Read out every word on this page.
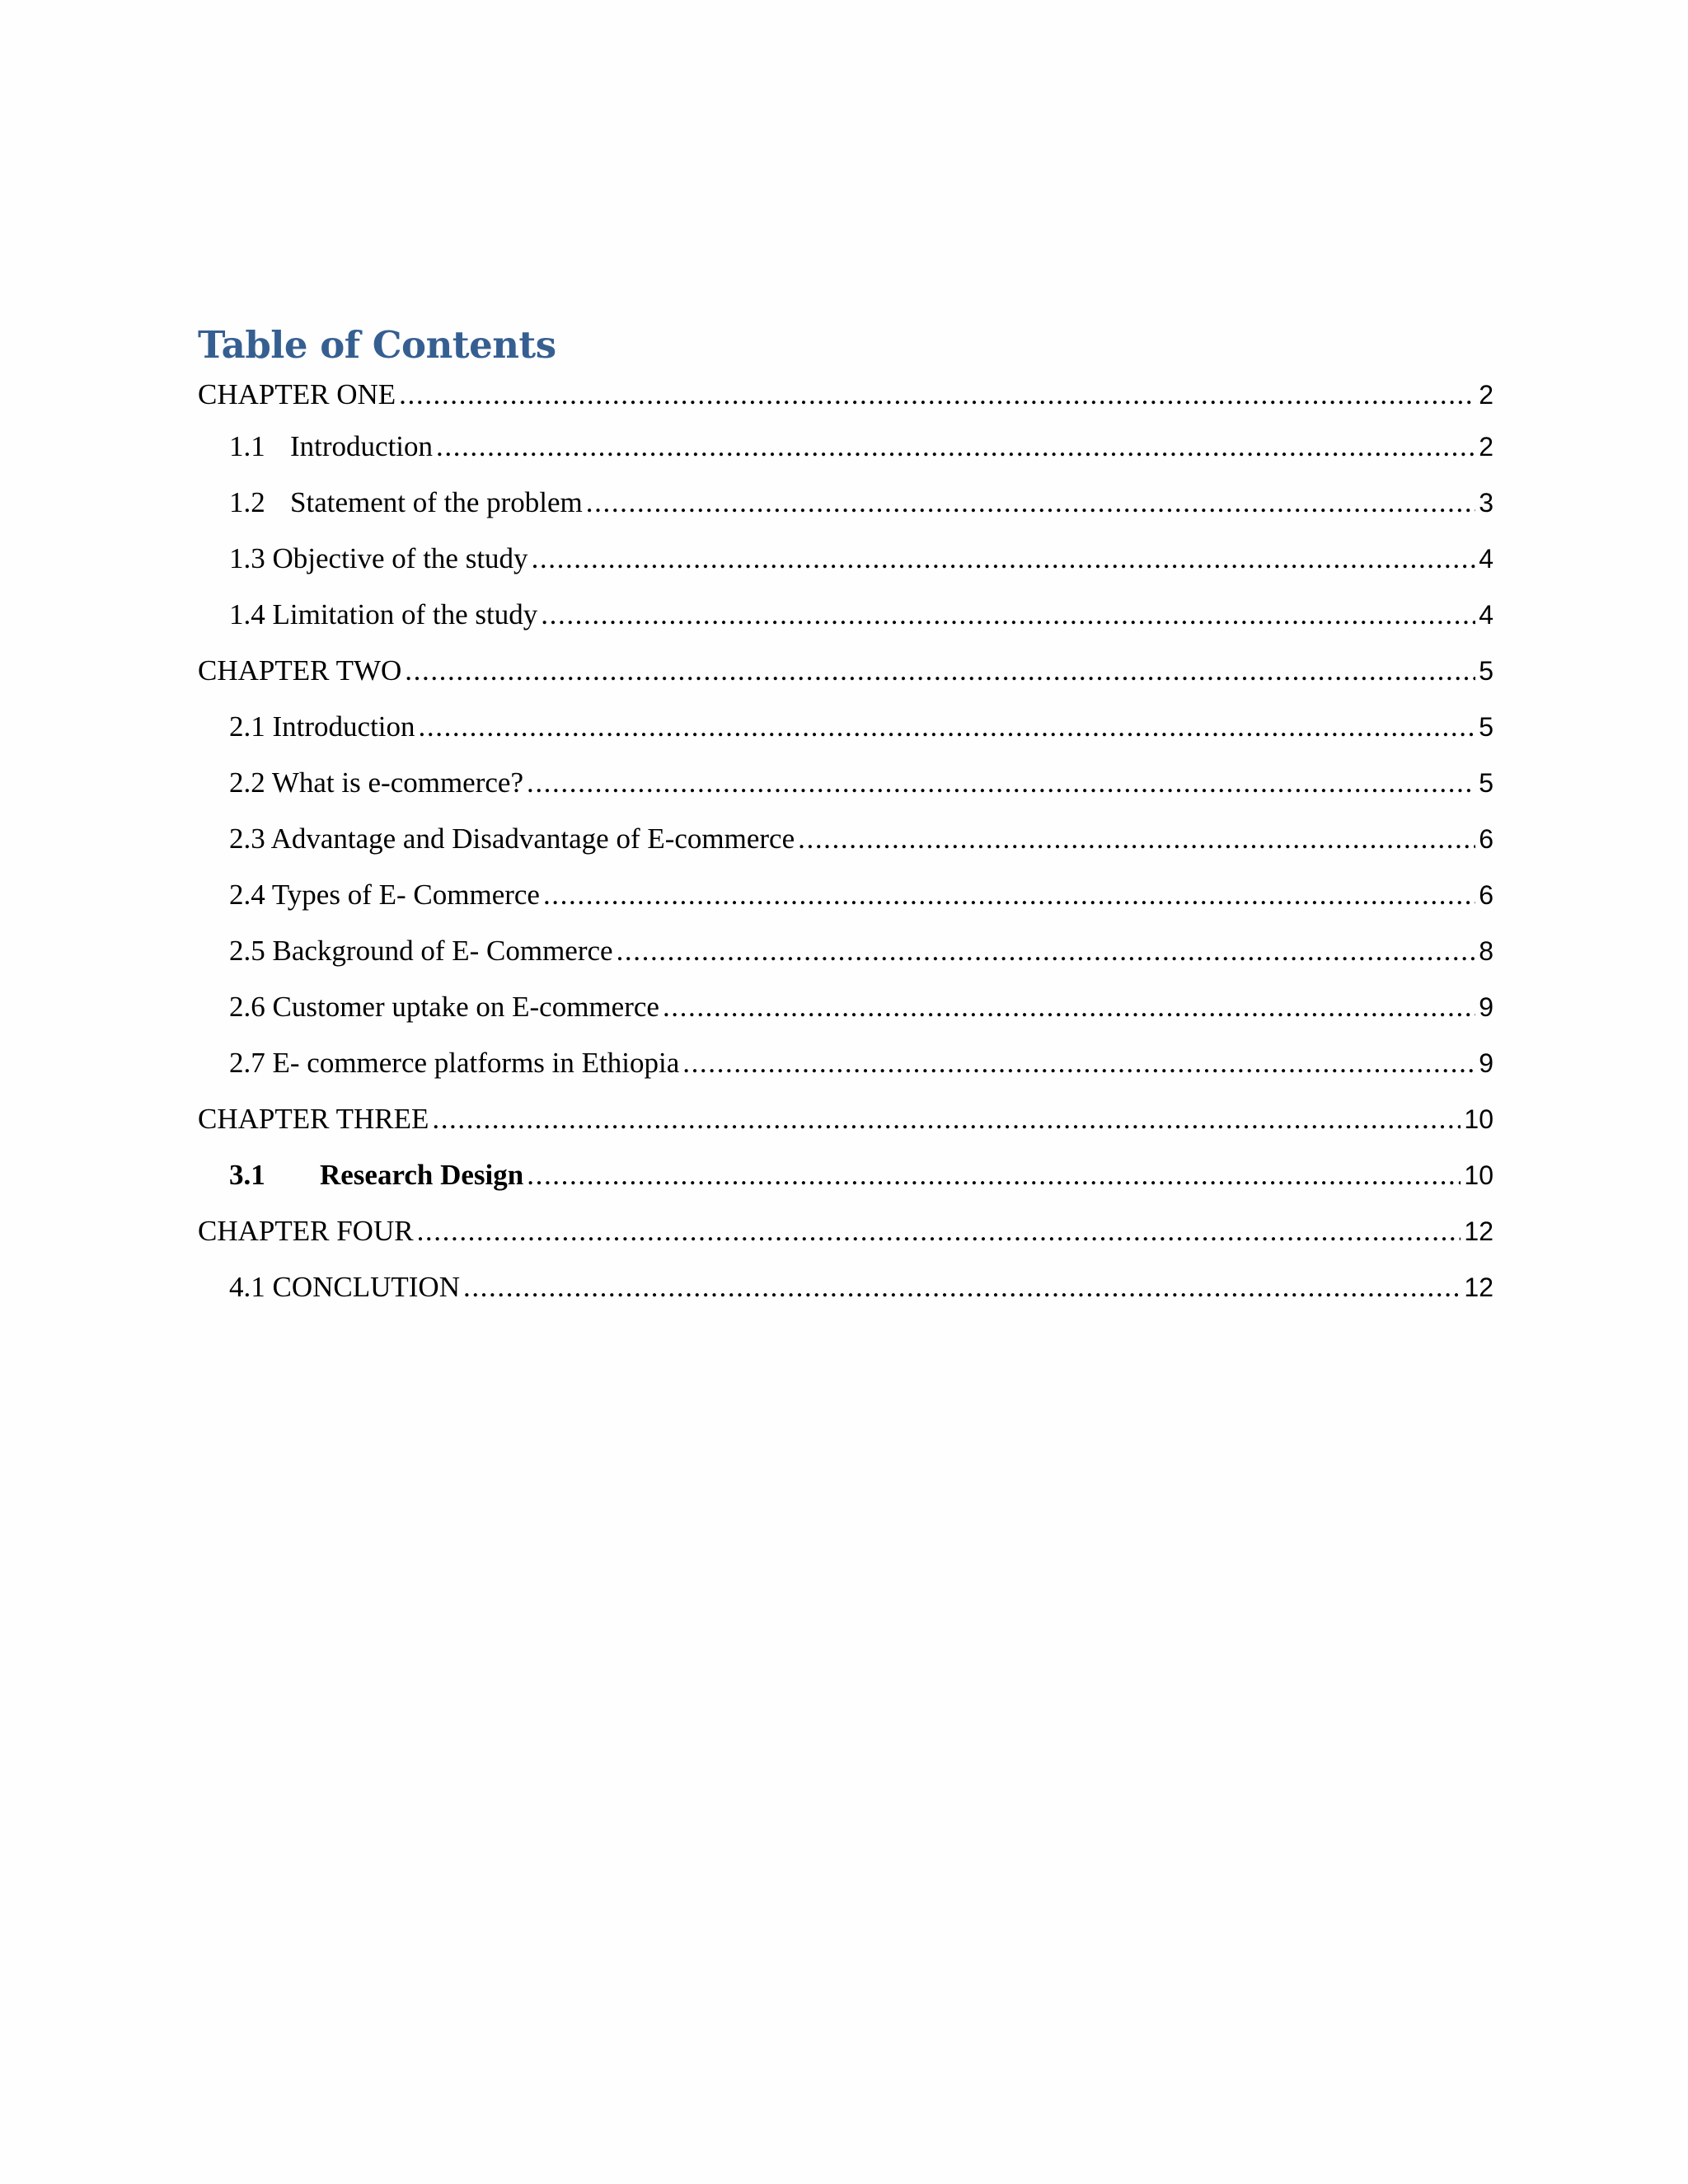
Table of Contents
CHAPTER ONE .....	2
1.1 Introduction .....	2
1.2 Statement of the problem .....	3
1.3 Objective of the study .....	4
1.4 Limitation of the study .....	4
CHAPTER TWO .....	5
2.1 Introduction .....	5
2.2 What is e-commerce? .....	5
2.3 Advantage and Disadvantage of E-commerce .....	6
2.4 Types of E- Commerce .....	6
2.5 Background of E- Commerce .....	8
2.6 Customer uptake on E-commerce .....	9
2.7 E- commerce platforms in Ethiopia .....	9
CHAPTER THREE .....	10
3.1	Research Design .....	10
CHAPTER FOUR .....	12
4.1 CONCLUTION .....	12
